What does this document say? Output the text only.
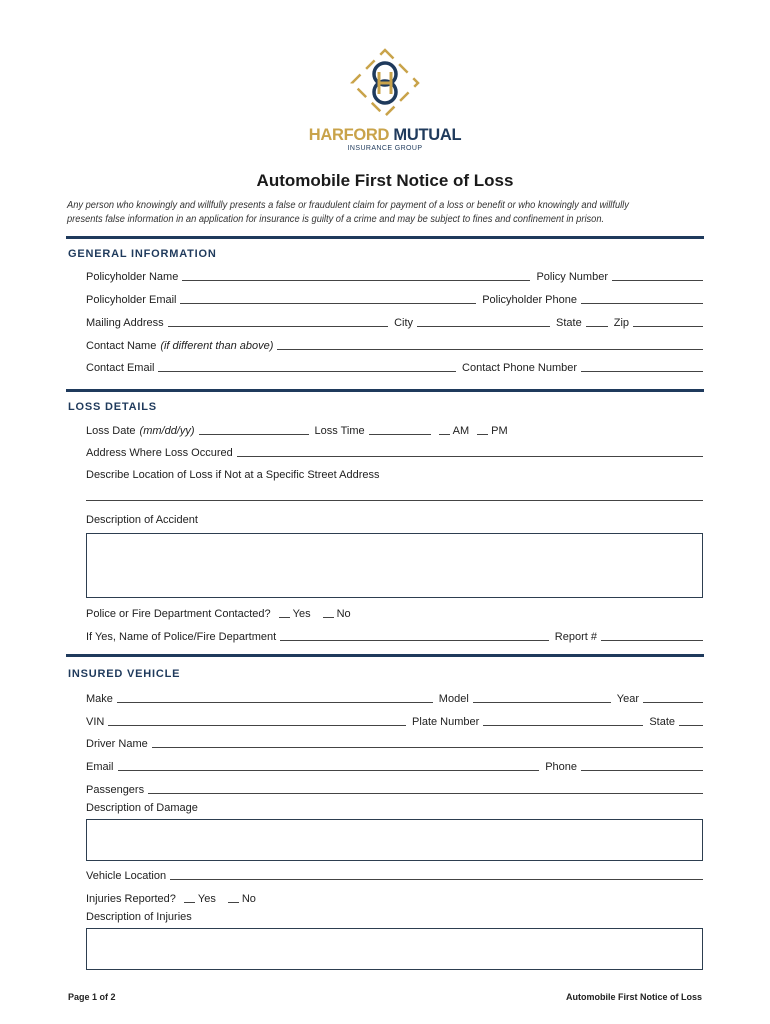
HARFORD MUTUAL
INSURANCE GROUP
Automobile First Notice of Loss
Any person who knowingly and willfully presents a false or fraudulent claim for payment of a loss or benefit or who knowingly and willfully presents false information in an application for insurance is guilty of a crime and may be subject to fines and confinement in prison.
GENERAL INFORMATION
Policyholder Name	Policy Number
Policyholder Email	Policyholder Phone
Mailing Address	City	State	Zip
Contact Name (if different than above)
Contact Email	Contact Phone Number
LOSS DETAILS
Loss Date (mm/dd/yy)	Loss Time	AM PM
Address Where Loss Occured
Describe Location of Loss if Not at a Specific Street Address
Description of Accident
Police or Fire Department Contacted?	Yes No
If Yes, Name of Police/Fire Department	Report #
INSURED VEHICLE
Make	Model	Year
VIN	Plate Number	State
Driver Name
Email	Phone
Passengers
Description of Damage
Vehicle Location
Injuries Reported?	Yes No
Description of Injuries
Page 1 of 2	Automobile First Notice of Loss
